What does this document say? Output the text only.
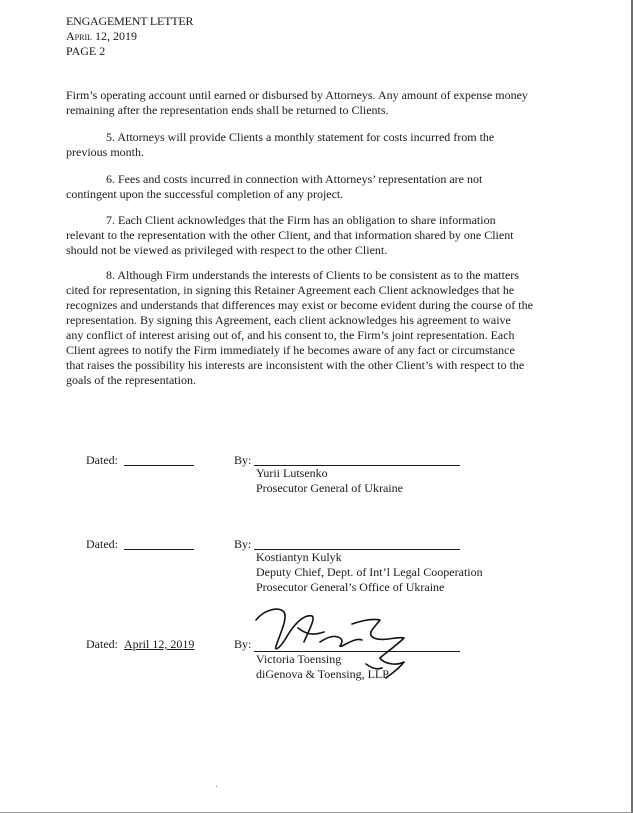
ENGAGEMENT LETTER
April 12, 2019
PAGE 2
Firm’s operating account until earned or disbursed by Attorneys. Any amount of expense money
remaining after the representation ends shall be returned to Clients.
5. Attorneys will provide Clients a monthly statement for costs incurred from the
previous month.
6. Fees and costs incurred in connection with Attorneys’ representation are not
contingent upon the successful completion of any project.
7. Each Client acknowledges that the Firm has an obligation to share information
relevant to the representation with the other Client, and that information shared by one Client
should not be viewed as privileged with respect to the other Client.
8. Although Firm understands the interests of Clients to be consistent as to the matters
cited for representation, in signing this Retainer Agreement each Client acknowledges that he
recognizes and understands that differences may exist or become evident during the course of the
representation. By signing this Agreement, each client acknowledges his agreement to waive
any conflict of interest arising out of, and his consent to, the Firm’s joint representation. Each
Client agrees to notify the Firm immediately if he becomes aware of any fact or circumstance
that raises the possibility his interests are inconsistent with the other Client’s with respect to the
goals of the representation.
Dated:	By:
Yurii Lutsenko
Prosecutor General of Ukraine
Dated:	By:
Kostiantyn Kulyk
Deputy Chief, Dept. of Int’l Legal Cooperation
Prosecutor General’s Office of Ukraine
Dated: April 12, 2019	By:
Victoria Toensing
diGenova & Toensing, LLP
